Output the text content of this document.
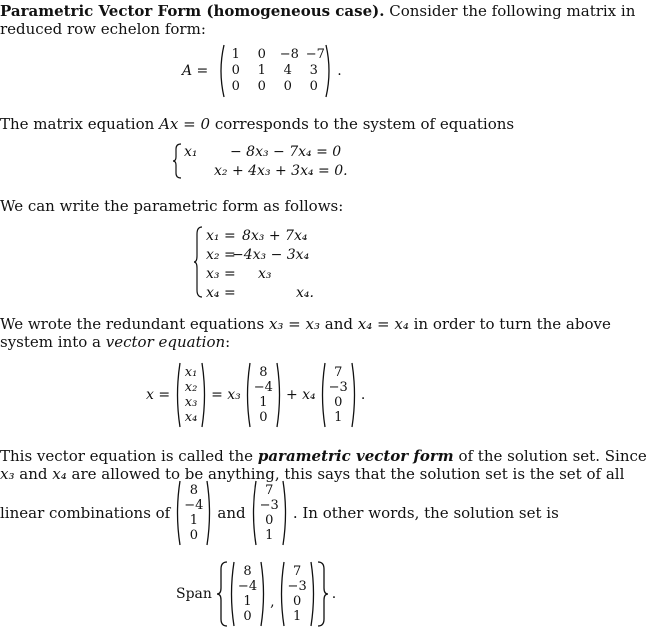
Parametric Vector Form (homogeneous case). Consider the following matrix in
reduced row echelon form:
A =
1 0 −8 −7
0 1 4 3
0 0 0 0
.
The matrix equation Ax = 0 corresponds to the system of equations
x₁ − 8x₃ − 7x₄ = 0
x₂ + 4x₃ + 3x₄ = 0.
We can write the parametric form as follows:
x₁ = 8x₃ + 7x₄
x₂ =
−4x₃ − 3x₄
x₃ = x₃
x₄ =	x₄.
We wrote the redundant equations x₃ = x₃ and x₄ = x₄ in order to turn the above
system into a vector equation:
x =
x₁
x₂
x₃
x₄
= x₃
8
−4
1
0
+ x₄
7
−3
0
1
.
This vector equation is called the parametric vector form of the solution set. Since
x₃ and x₄ are allowed to be anything, this says that the solution set is the set of all
linear combinations of
8
−4
1
0
and
7
−3
0
1
. In other words, the solution set is
Span
8
−4
1
0
,
7
−3
0
1
.
